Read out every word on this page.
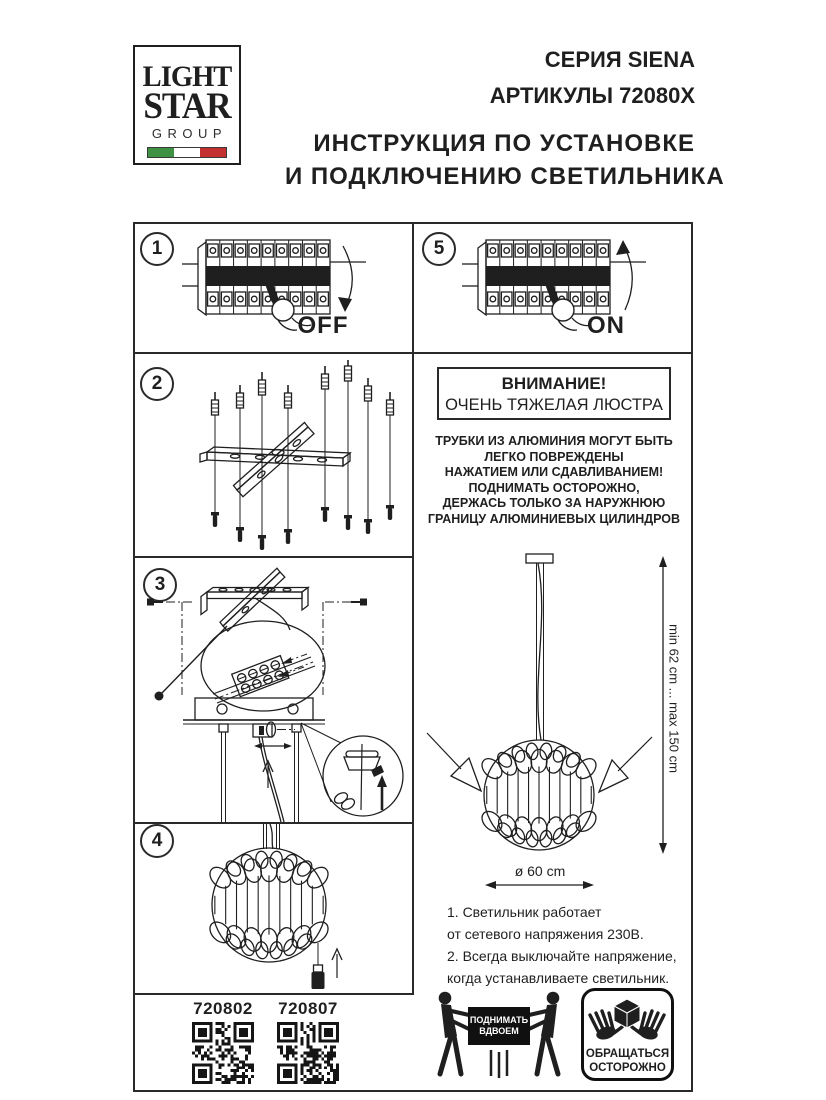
LIGHT
STAR
GROUP
СЕРИЯ SIENA
АРТИКУЛЫ 72080X
ИНСТРУКЦИЯ ПО УСТАНОВКЕ
И ПОДКЛЮЧЕНИЮ СВЕТИЛЬНИКА
1	5
2
3
4
OFF	ON
ВНИМАНИЕ!
ОЧЕНЬ ТЯЖЕЛАЯ ЛЮСТРА
ТРУБКИ ИЗ АЛЮМИНИЯ МОГУТ БЫТЬ
ЛЕГКО ПОВРЕЖДЕНЫ
НАЖАТИЕМ ИЛИ СДАВЛИВАНИЕМ!
ПОДНИМАТЬ ОСТОРОЖНО,
ДЕРЖАСЬ ТОЛЬКО ЗА НАРУЖНЮЮ
ГРАНИЦУ АЛЮМИНИЕВЫХ ЦИЛИНДРОВ
min 62 cm ... max 150 cm
ø 60 cm
1. Светильник работает
от сетевого напряжения 230В.
2. Всегда выключайте напряжение,
когда устанавливаете светильник.
720802	720807
ПОДНИМАТЬ
ВДВОЕМ
ОБРАЩАТЬСЯ
ОСТОРОЖНО
